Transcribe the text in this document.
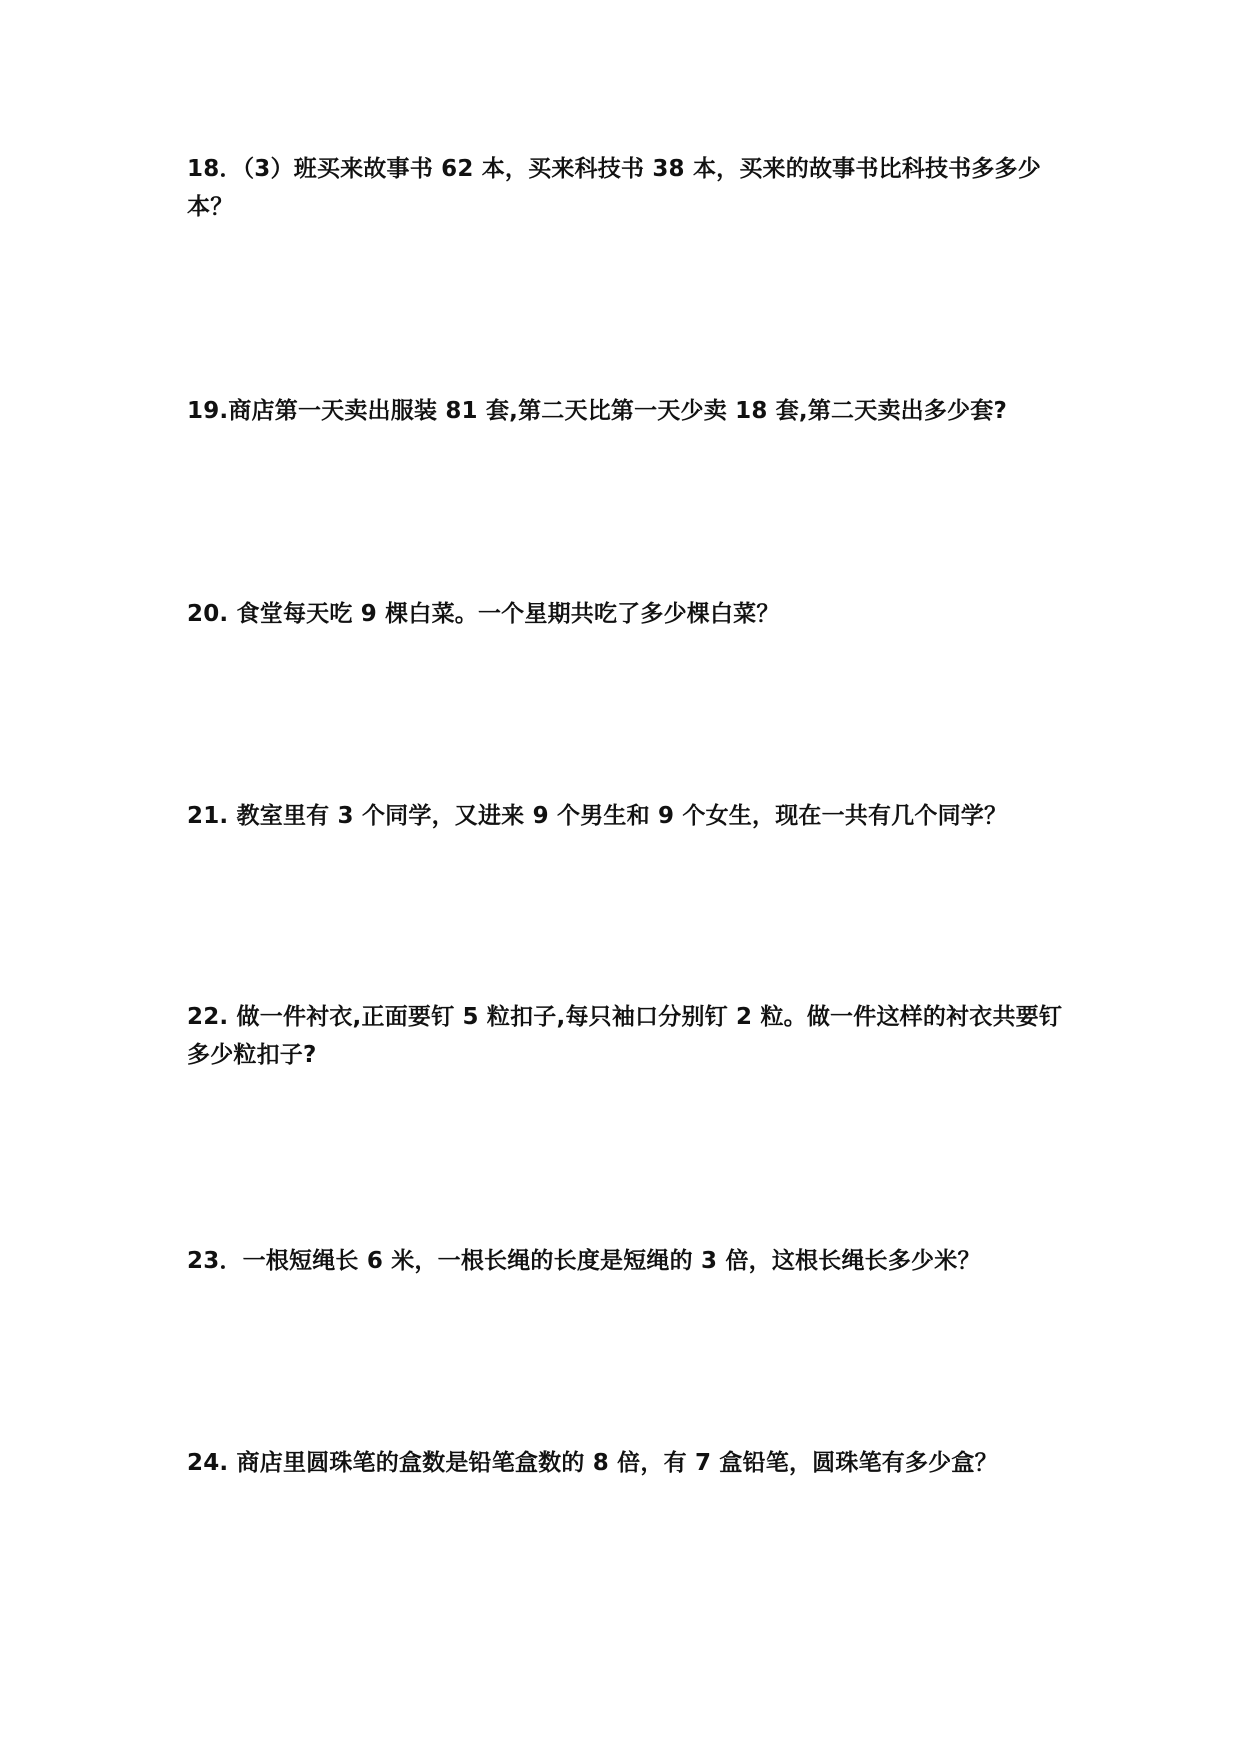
18．（3）班买来故事书 62 本，买来科技书 38 本，买来的故事书比科技书多多少本？
19.商店第一天卖出服装 81 套,第二天比第一天少卖 18 套,第二天卖出多少套?
20. 食堂每天吃 9 棵白菜。一个星期共吃了多少棵白菜？
21. 教室里有 3 个同学，又进来 9 个男生和 9 个女生，现在一共有几个同学？
22. 做一件衬衣,正面要钉 5 粒扣子,每只袖口分别钉 2 粒。做一件这样的衬衣共要钉多少粒扣子?
23．一根短绳长 6 米，一根长绳的长度是短绳的 3 倍，这根长绳长多少米？
24. 商店里圆珠笔的盒数是铅笔盒数的 8 倍，有 7 盒铅笔，圆珠笔有多少盒？
